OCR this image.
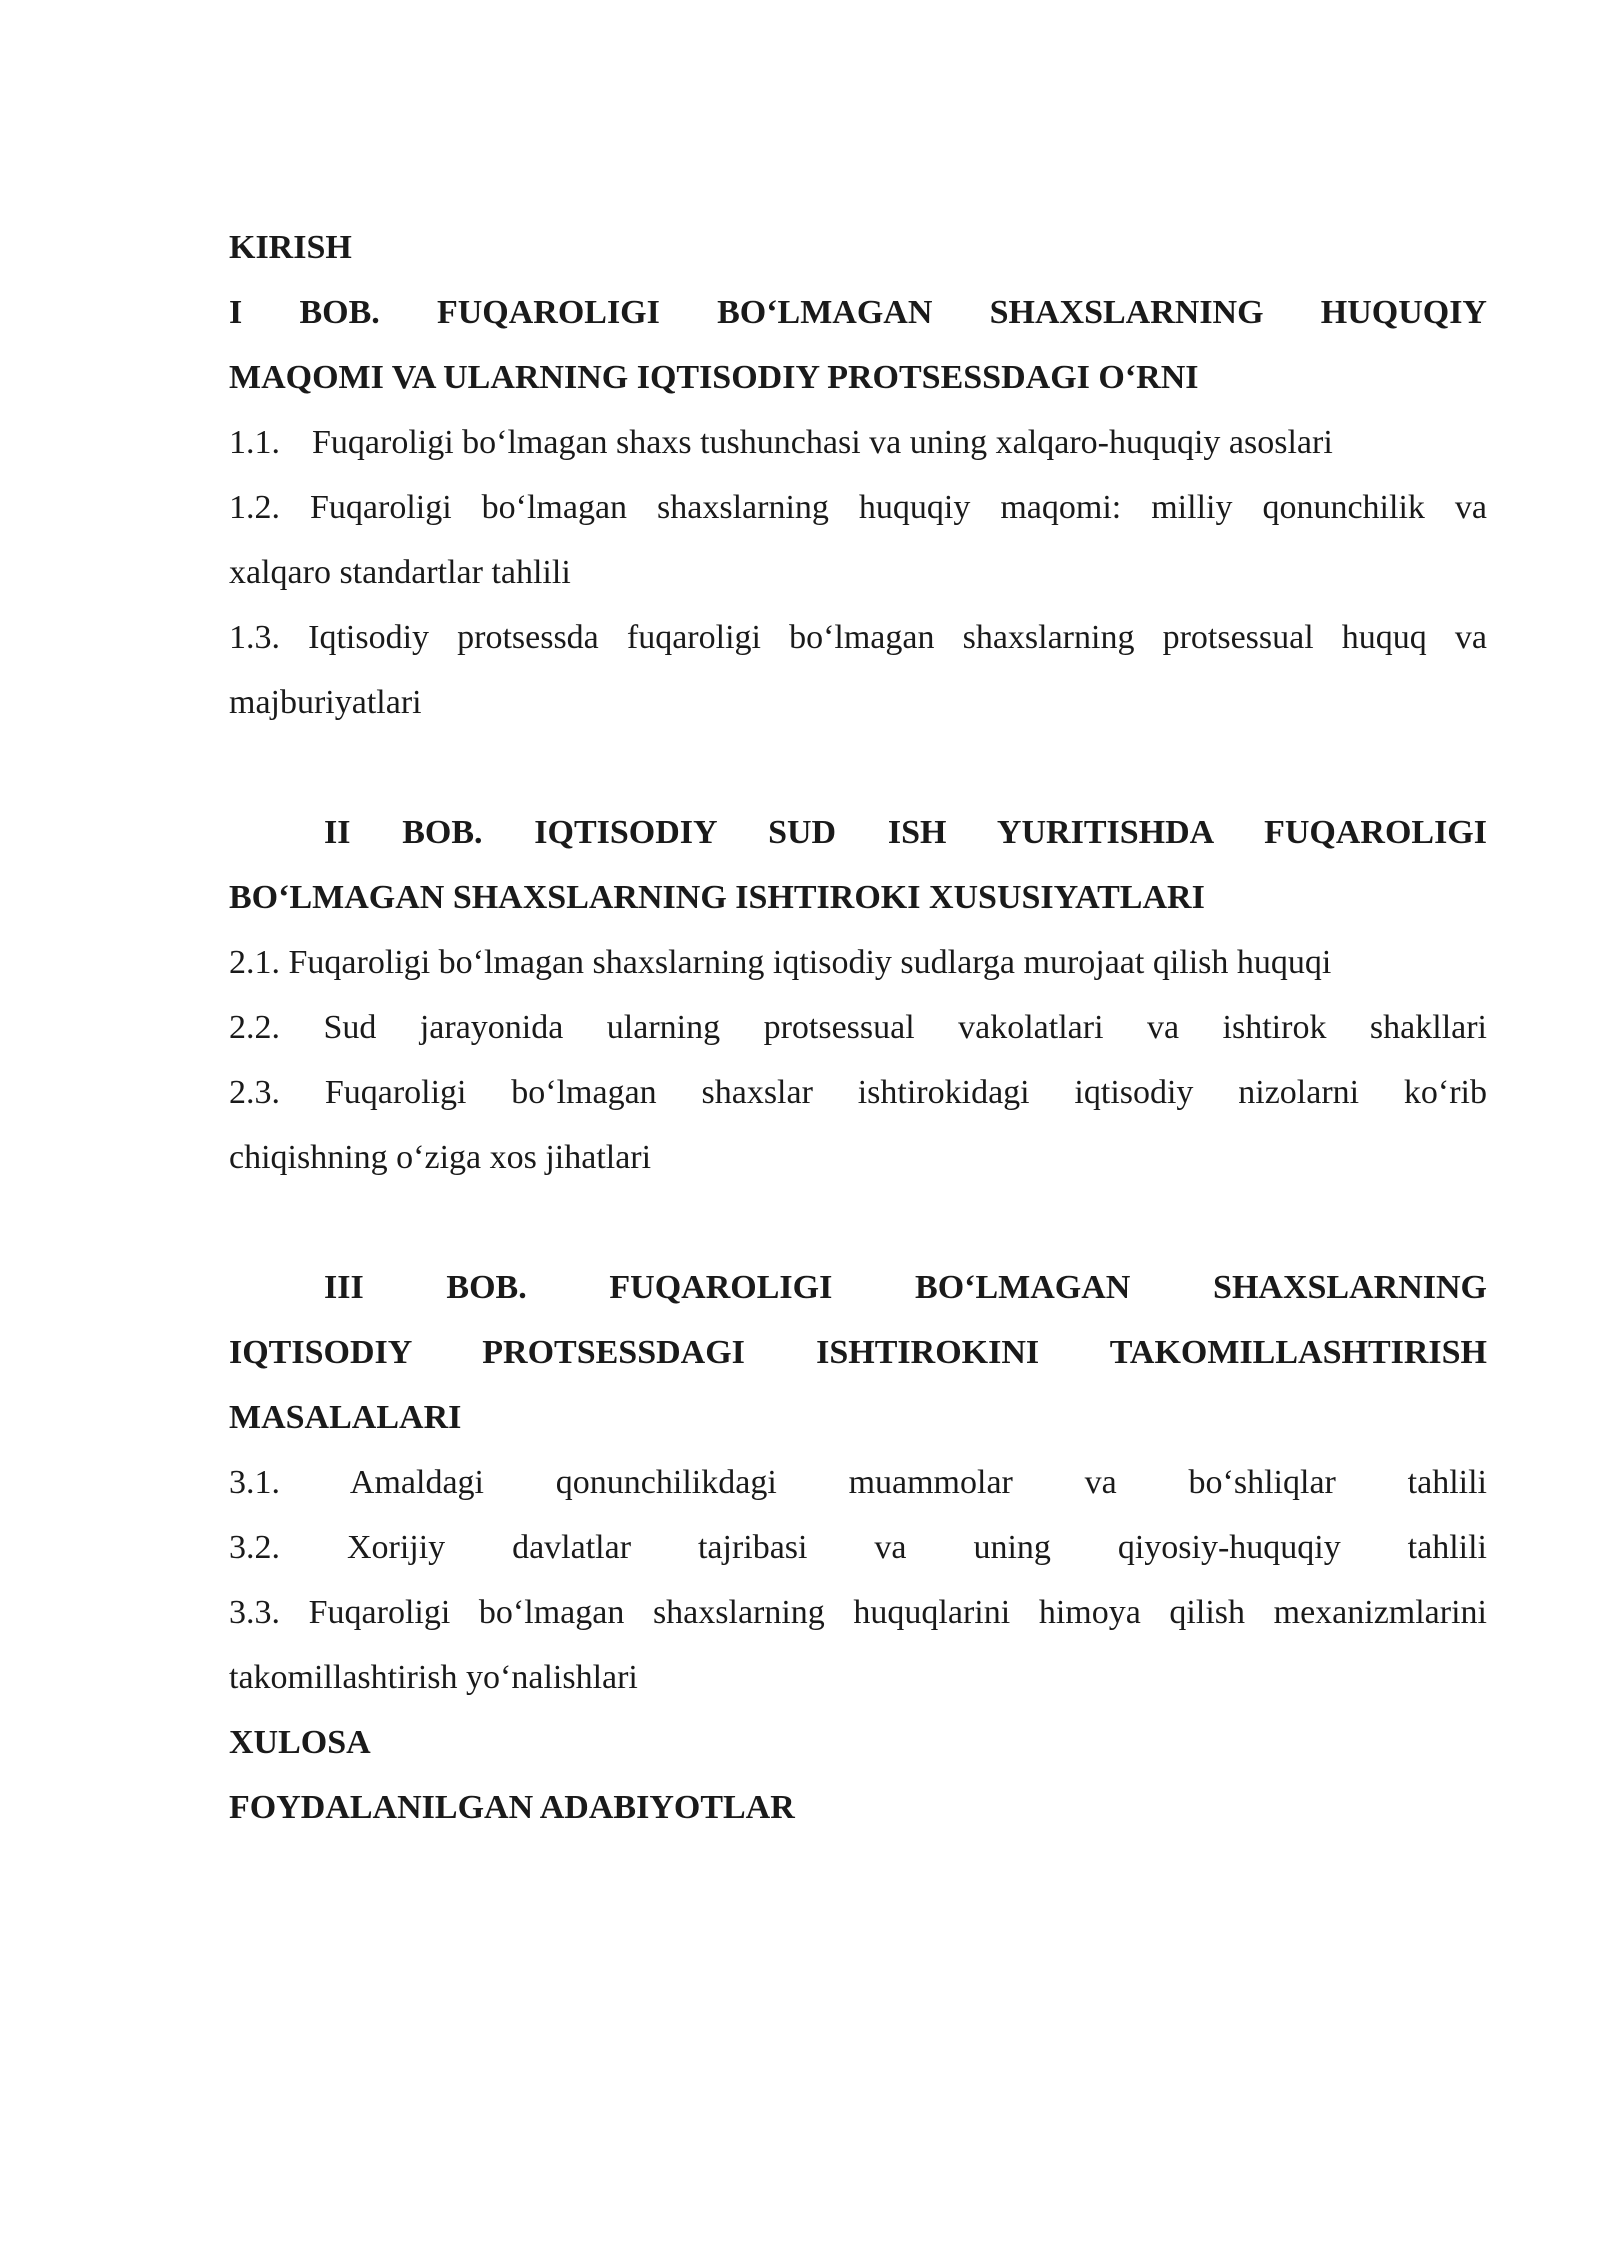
KIRISH
I BOB. FUQAROLIGI BO‘LMAGAN SHAXSLARNING HUQUQIY
MAQOMI VA ULARNING IQTISODIY PROTSESSDAGI O‘RNI
1.1. Fuqaroligi bo‘lmagan shaxs tushunchasi va uning xalqaro-huquqiy asoslari
1.2. Fuqaroligi bo‘lmagan shaxslarning huquqiy maqomi: milliy qonunchilik va
xalqaro standartlar tahlili
1.3. Iqtisodiy protsessda fuqaroligi bo‘lmagan shaxslarning protsessual huquq va
majburiyatlari
II BOB. IQTISODIY SUD ISH YURITISHDA FUQAROLIGI
BO‘LMAGAN SHAXSLARNING ISHTIROKI XUSUSIYATLARI
2.1. Fuqaroligi bo‘lmagan shaxslarning iqtisodiy sudlarga murojaat qilish huquqi
2.2. Sud jarayonida ularning protsessual vakolatlari va ishtirok shakllari
2.3. Fuqaroligi bo‘lmagan shaxslar ishtirokidagi iqtisodiy nizolarni ko‘rib
chiqishning o‘ziga xos jihatlari
III BOB. FUQAROLIGI BO‘LMAGAN SHAXSLARNING
IQTISODIY PROTSESSDAGI ISHTIROKINI TAKOMILLASHTIRISH
MASALALARI
3.1. Amaldagi qonunchilikdagi muammolar va bo‘shliqlar tahlili
3.2. Xorijiy davlatlar tajribasi va uning qiyosiy-huquqiy tahlili
3.3. Fuqaroligi bo‘lmagan shaxslarning huquqlarini himoya qilish mexanizmlarini
takomillashtirish yo‘nalishlari
XULOSA
FOYDALANILGAN ADABIYOTLAR
